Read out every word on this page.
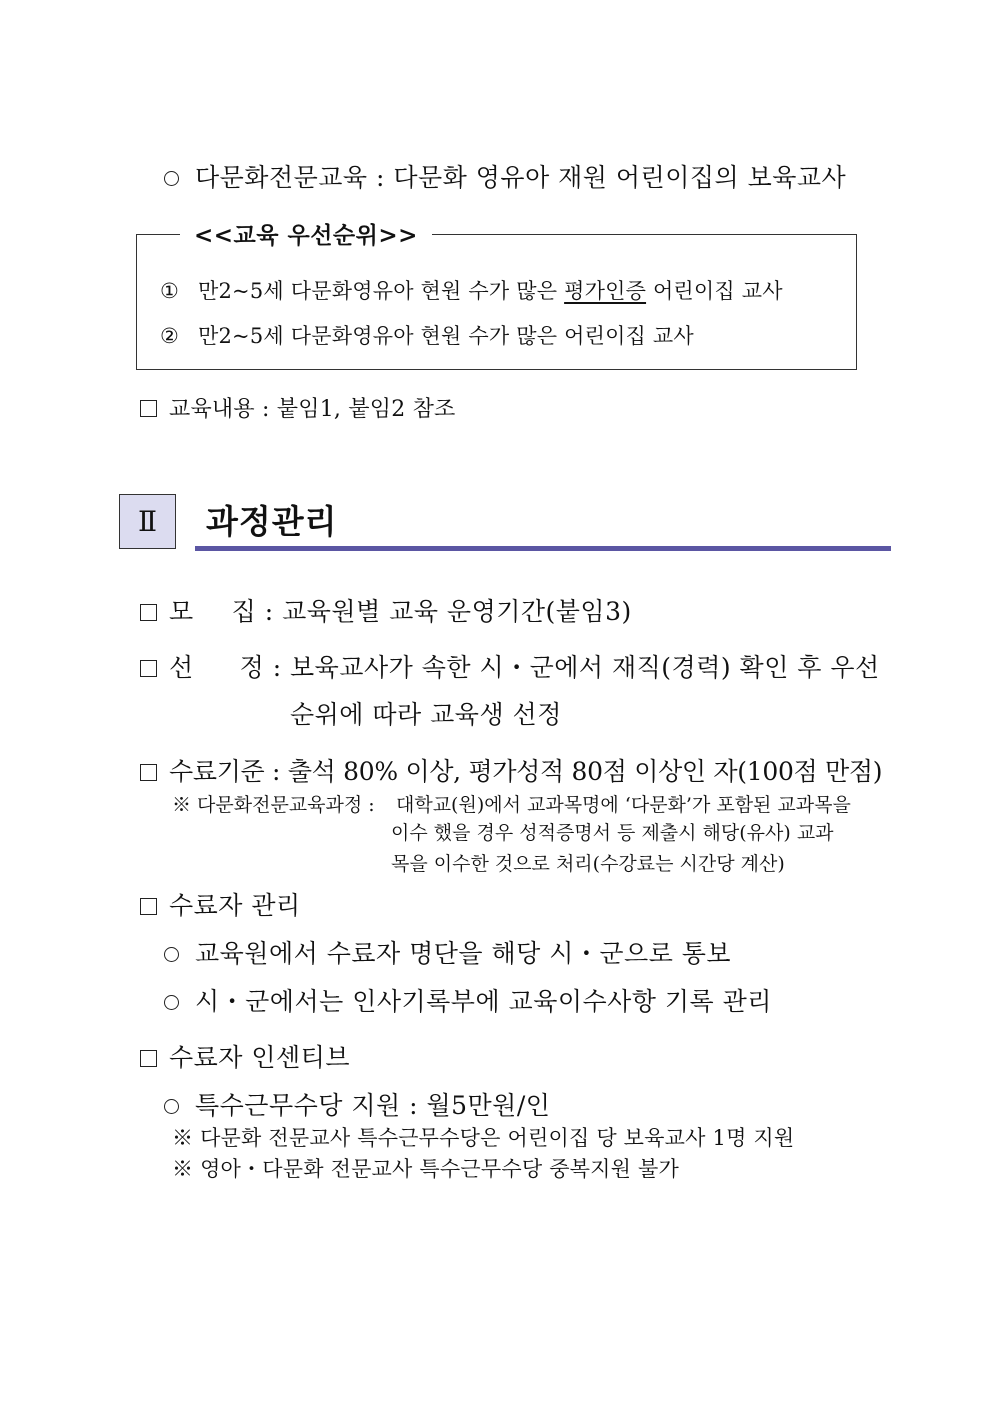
다문화전문교육 : 다문화 영유아 재원 어린이집의 보육교사
<<교육 우선순위>>
① 만2~5세 다문화영유아 현원 수가 많은 평가인증 어린이집 교사
② 만2~5세 다문화영유아 현원 수가 많은 어린이집 교사
교육내용 : 붙임1, 붙임2 참조
Ⅱ 과정관리
모 집 : 교육원별 교육 운영기간(붙임3)
선 정 : 보육교사가 속한 시・군에서 재직(경력) 확인 후 우선
순위에 따라 교육생 선정
수료기준 : 출석 80% 이상, 평가성적 80점 이상인 자(100점 만점)
※ 다문화전문교육과정 : 대학교(원)에서 교과목명에 ‘다문화’가 포함된 교과목을
이수 했을 경우 성적증명서 등 제출시 해당(유사) 교과
목을 이수한 것으로 처리(수강료는 시간당 계산)
수료자 관리
교육원에서 수료자 명단을 해당 시・군으로 통보
시・군에서는 인사기록부에 교육이수사항 기록 관리
수료자 인센티브
특수근무수당 지원 : 월5만원/인
※ 다문화 전문교사 특수근무수당은 어린이집 당 보육교사 1명 지원
※ 영아・다문화 전문교사 특수근무수당 중복지원 불가
